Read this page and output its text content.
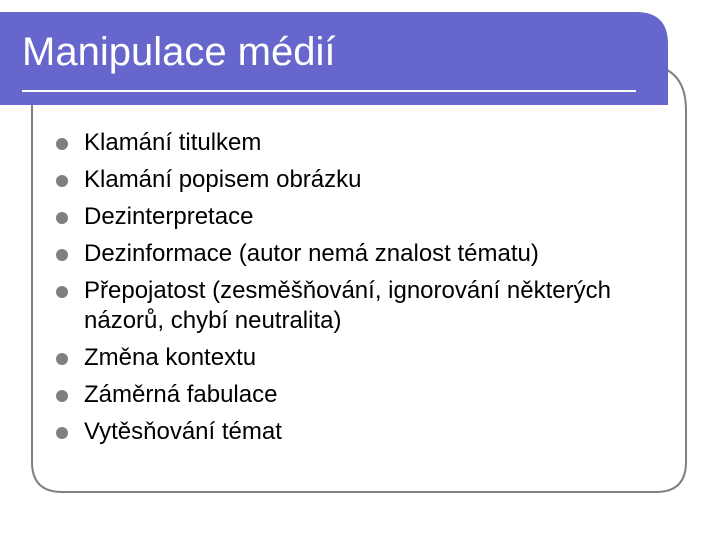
Manipulace médií
Klamání titulkem
Klamání popisem obrázku
Dezinterpretace
Dezinformace (autor nemá znalost tématu)
Přepojatost (zesměšňování, ignorování některých názorů, chybí neutralita)
Změna kontextu
Záměrná fabulace
Vytěsňování témat
